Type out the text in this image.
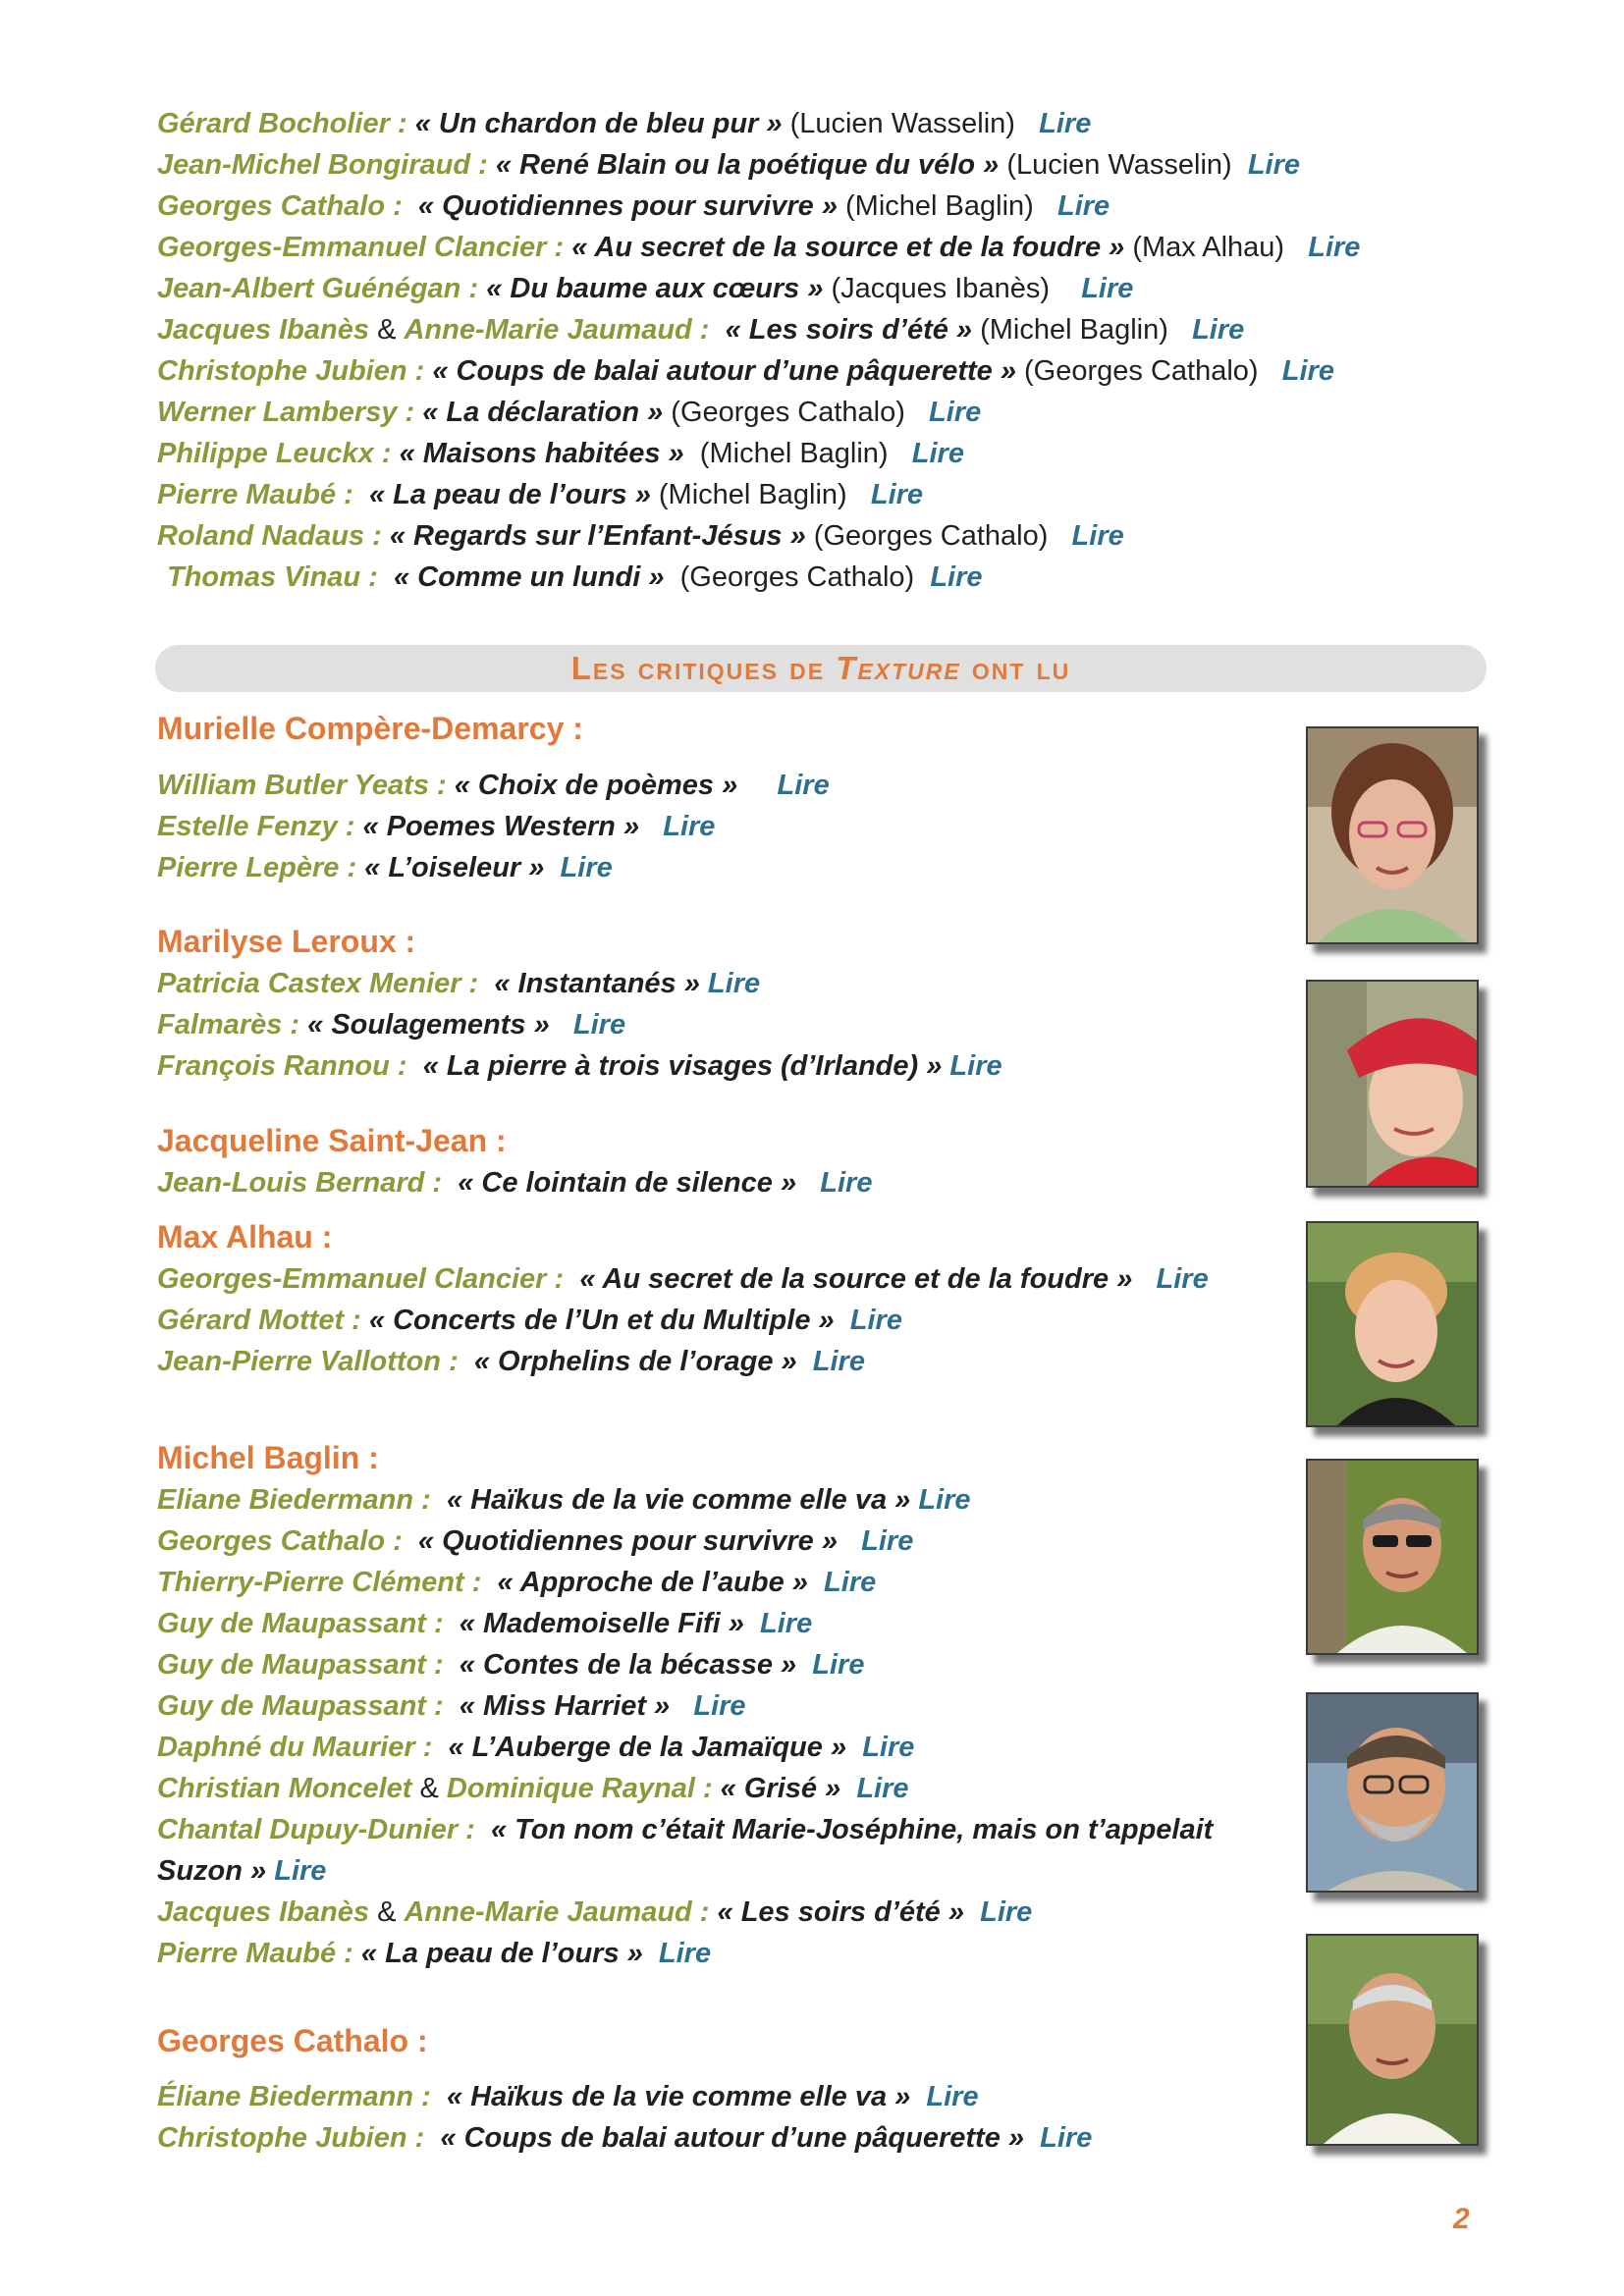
Gérard Bocholier : « Un chardon de bleu pur » (Lucien Wasselin) Lire
Jean-Michel Bongiraud : « René Blain ou la poétique du vélo » (Lucien Wasselin) Lire
Georges Cathalo : « Quotidiennes pour survivre » (Michel Baglin) Lire
Georges-Emmanuel Clancier : « Au secret de la source et de la foudre » (Max Alhau) Lire
Jean-Albert Guénégan : « Du baume aux cœurs » (Jacques Ibanès) Lire
Jacques Ibanès & Anne-Marie Jaumaud : « Les soirs d’été » (Michel Baglin) Lire
Christophe Jubien : « Coups de balai autour d’une pâquerette » (Georges Cathalo) Lire
Werner Lambersy : « La déclaration » (Georges Cathalo) Lire
Philippe Leuckx : « Maisons habitées »  (Michel Baglin) Lire
Pierre Maubé : « La peau de l’ours » (Michel Baglin) Lire
Roland Nadaus : « Regards sur l’Enfant-Jésus » (Georges Cathalo) Lire
Thomas Vinau : « Comme un lundi »  (Georges Cathalo) Lire
Les critiques de Texture ont lu
Murielle Compère-Demarcy :
William Butler Yeats : « Choix de poèmes » Lire
Estelle Fenzy : « Poemes Western » Lire
Pierre Lepère : « L’oiseleur » Lire
Marilyse Leroux :
Patricia Castex Menier : « Instantanés » Lire
Falmarès : « Soulagements » Lire
François Rannou : « La pierre à trois visages (d’Irlande) » Lire
Jacqueline Saint-Jean :
Jean-Louis Bernard : « Ce lointain de silence » Lire
Max Alhau :
Georges-Emmanuel Clancier : « Au secret de la source et de la foudre » Lire
Gérard Mottet : « Concerts de l’Un et du Multiple » Lire
Jean-Pierre Vallotton : « Orphelins de l’orage » Lire
Michel Baglin :
Eliane Biedermann : « Haïkus de la vie comme elle va » Lire
Georges Cathalo : « Quotidiennes pour survivre » Lire
Thierry-Pierre Clément : « Approche de l’aube » Lire
Guy de Maupassant : « Mademoiselle Fifi » Lire
Guy de Maupassant : « Contes de la bécasse » Lire
Guy de Maupassant : « Miss Harriet » Lire
Daphné du Maurier : « L’Auberge de la Jamaïque » Lire
Christian Moncelet & Dominique Raynal : « Grisé » Lire
Chantal Dupuy-Dunier : « Ton nom c’était Marie-Joséphine, mais on t’appelait
Suzon » Lire
Jacques Ibanès & Anne-Marie Jaumaud : « Les soirs d’été » Lire
Pierre Maubé : « La peau de l’ours » Lire
Georges Cathalo :
Éliane Biedermann : « Haïkus de la vie comme elle va » Lire
Christophe Jubien : « Coups de balai autour d’une pâquerette » Lire
2
